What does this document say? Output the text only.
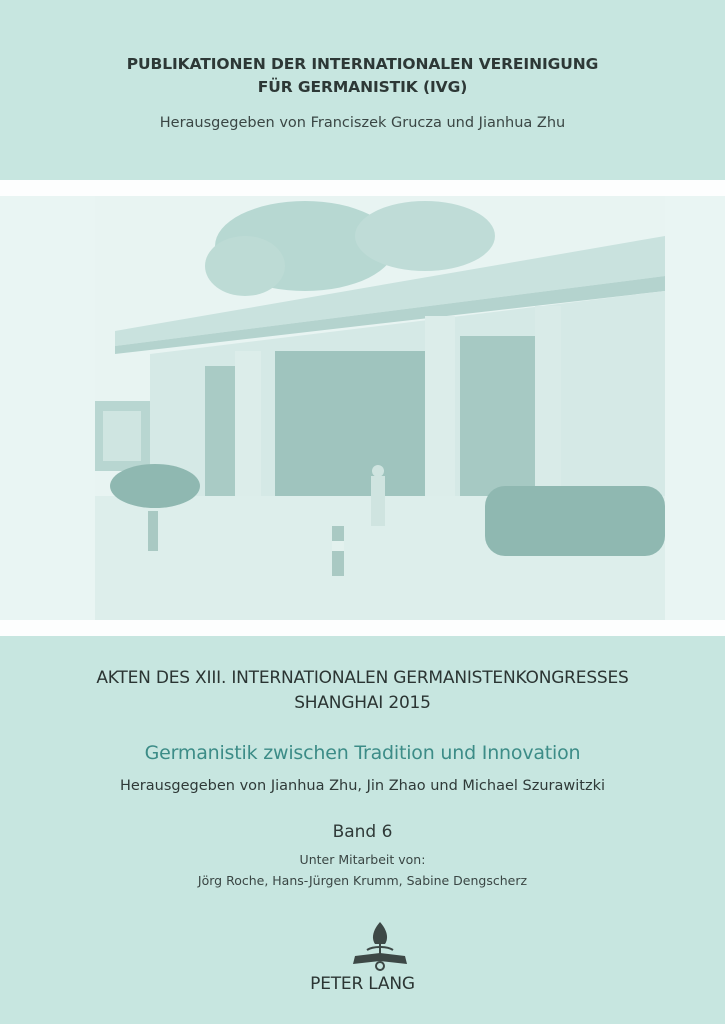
PUBLIKATIONEN DER INTERNATIONALEN VEREINIGUNG
FÜR GERMANISTIK (IVG)
Herausgegeben von Franciszek Grucza und Jianhua Zhu
AKTEN DES XIII. INTERNATIONALEN GERMANISTENKONGRESSES
SHANGHAI 2015
Germanistik zwischen Tradition und Innovation
Herausgegeben von Jianhua Zhu, Jin Zhao und Michael Szurawitzki
Band 6
Unter Mitarbeit von:
Jörg Roche, Hans-Jürgen Krumm, Sabine Dengscherz
PETER LANG
